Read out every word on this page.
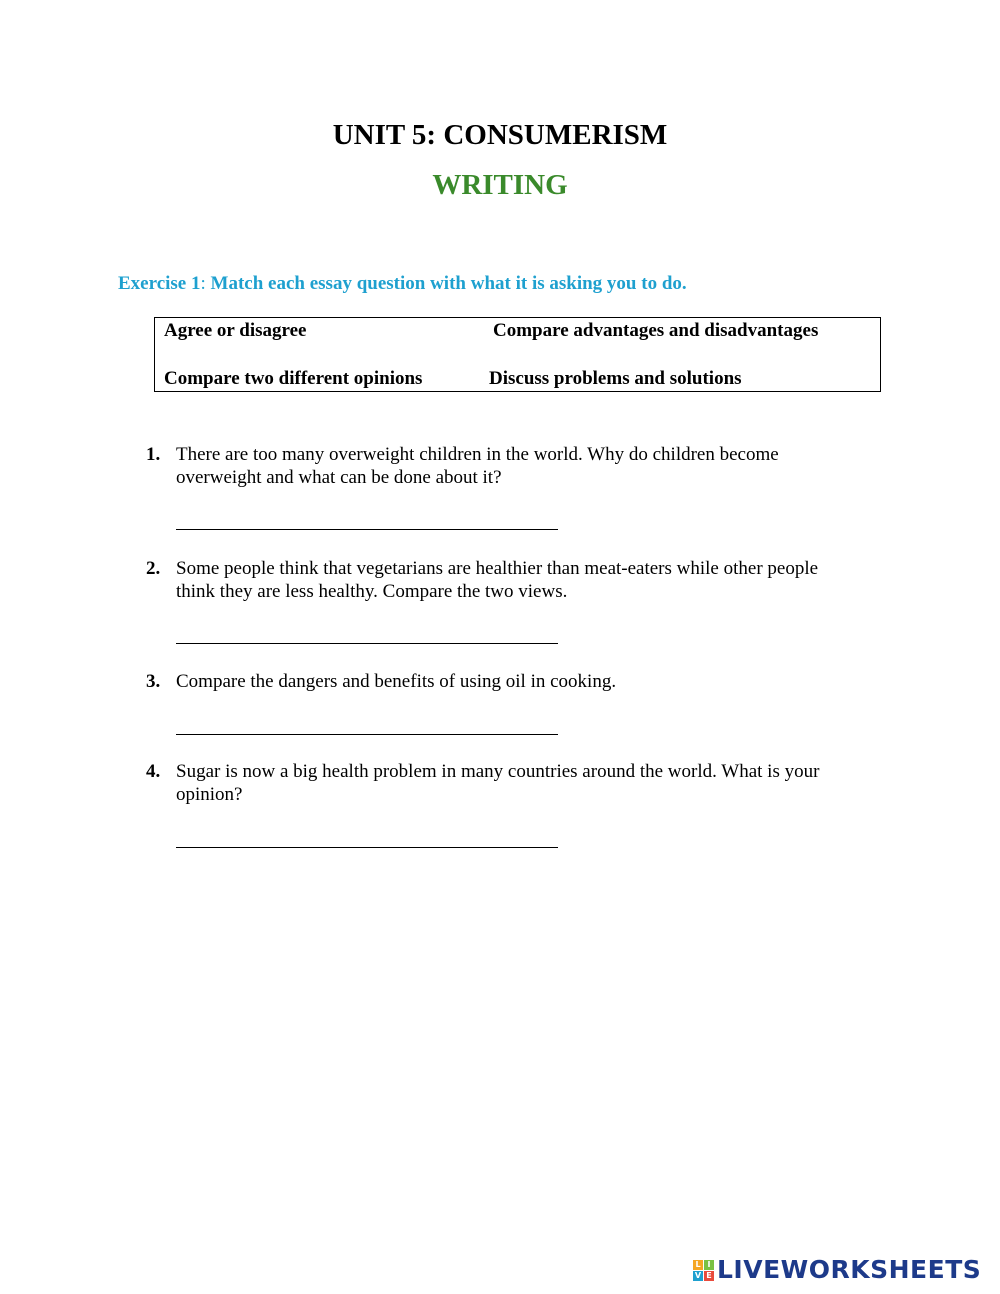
UNIT 5: CONSUMERISM
WRITING
Exercise 1: Match each essay question with what it is asking you to do.
Agree or disagree	Compare advantages and disadvantages
Compare two different opinions	Discuss problems and solutions
1. There are too many overweight children in the world. Why do children become overweight and what can be done about it?
2. Some people think that vegetarians are healthier than meat-eaters while other people think they are less healthy. Compare the two views.
3. Compare the dangers and benefits of using oil in cooking.
4. Sugar is now a big health problem in many countries around the world. What is your opinion?
L I
V E LIVEWORKSHEETS
